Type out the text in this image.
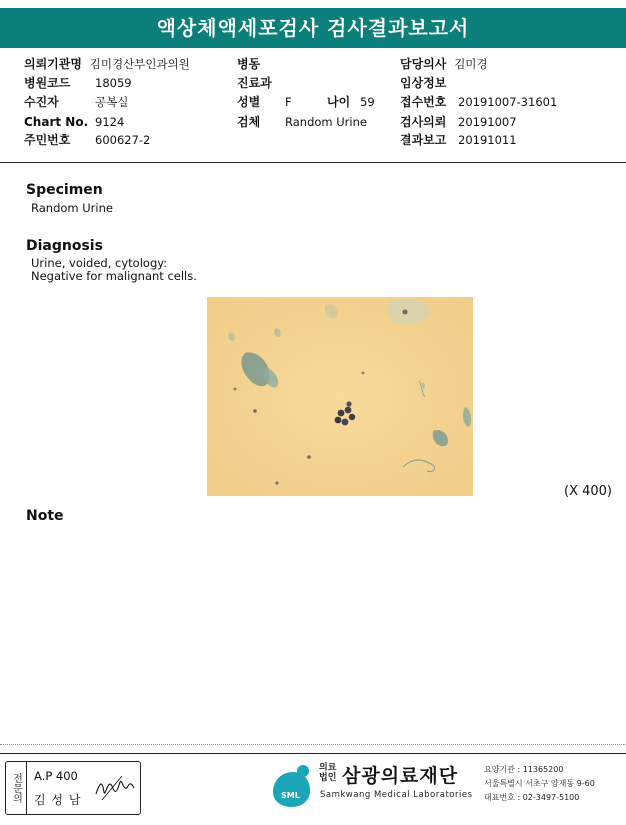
액상체액세포검사 검사결과보고서
의뢰기관명 김미경산부인과의원
병원코드 18059
수진자	공복실
Chart No. 9124
주민번호 600627-2
병동
진료과
성별 F	나이 59
검체 Random Urine
담당의사 김미경
임상정보
접수번호 20191007-31601
검사의뢰 20191007
결과보고 20191011
Specimen
Random Urine
Diagnosis
Urine, voided, cytology:
Negative for malignant cells.
(X 400)
Note
전문의	A.P 400
김 성 남	SML
의료
법인 삼광의료재단
Samkwang Medical Laboratories
요양기관 : 11365200
서울특별시 서초구 양재동 9-60
대표번호 : 02-3497-5100
